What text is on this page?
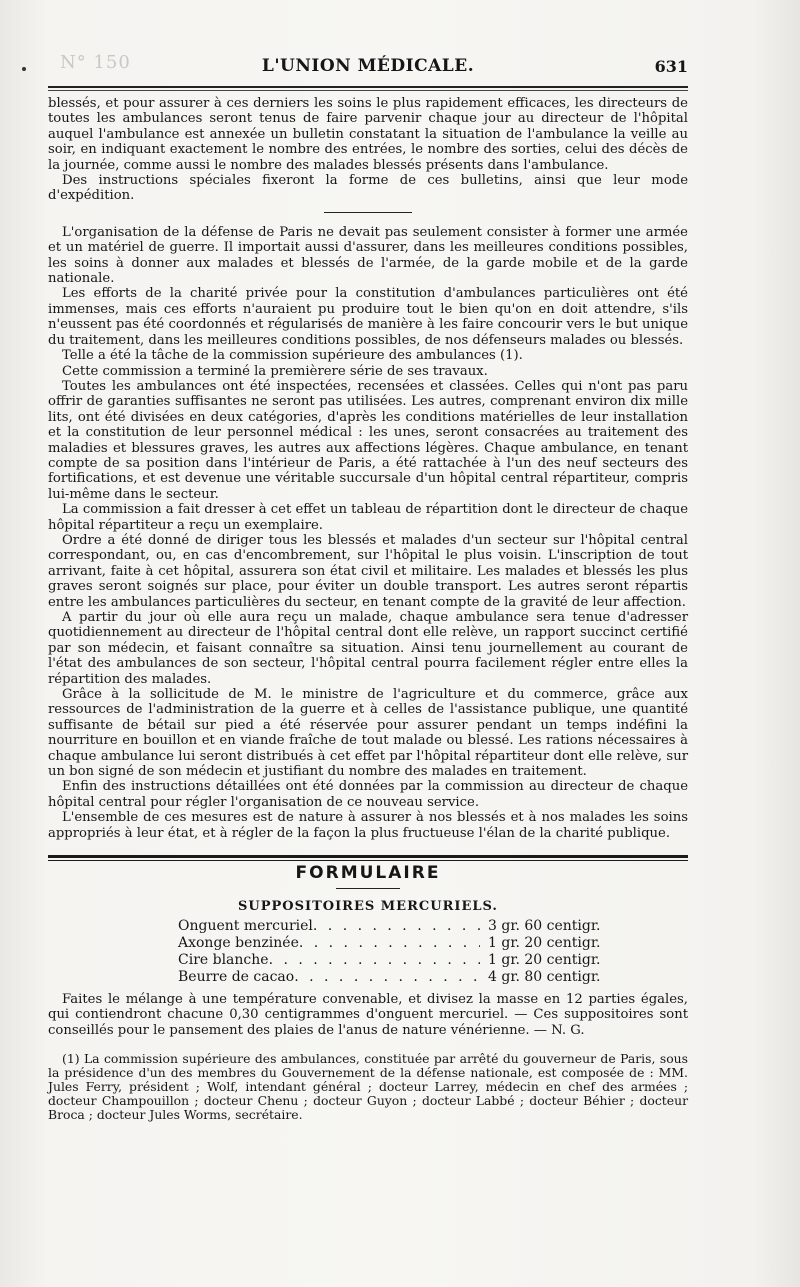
N° 150	L'UNION MÉDICALE.	631

blessés, et pour assurer à ces derniers les soins le plus rapidement efficaces, les directeurs de toutes les ambulances seront tenus de faire parvenir chaque jour au directeur de l'hôpital auquel l'ambulance est annexée un bulletin constatant la situation de l'ambulance la veille au soir, en indiquant exactement le nombre des entrées, le nombre des sorties, celui des décès de la journée, comme aussi le nombre des malades blessés présents dans l'ambulance.

Des instructions spéciales fixeront la forme de ces bulletins, ainsi que leur mode d'expédition.

L'organisation de la défense de Paris ne devait pas seulement consister à former une armée et un matériel de guerre. Il importait aussi d'assurer, dans les meilleures conditions possibles, les soins à donner aux malades et blessés de l'armée, de la garde mobile et de la garde nationale.

Les efforts de la charité privée pour la constitution d'ambulances particulières ont été immenses, mais ces efforts n'auraient pu produire tout le bien qu'on en doit attendre, s'ils n'eussent pas été coordonnés et régularisés de manière à les faire concourir vers le but unique du traitement, dans les meilleures conditions possibles, de nos défenseurs malades ou blessés.

Telle a été la tâche de la commission supérieure des ambulances (1).

Cette commission a terminé la premièrere série de ses travaux.

Toutes les ambulances ont été inspectées, recensées et classées. Celles qui n'ont pas paru offrir de garanties suffisantes ne seront pas utilisées. Les autres, comprenant environ dix mille lits, ont été divisées en deux catégories, d'après les conditions matérielles de leur installation et la constitution de leur personnel médical : les unes, seront consacrées au traitement des maladies et blessures graves, les autres aux affections légères. Chaque ambulance, en tenant compte de sa position dans l'intérieur de Paris, a été rattachée à l'un des neuf secteurs des fortifications, et est devenue une véritable succursale d'un hôpital central répartiteur, compris lui-même dans le secteur.

La commission a fait dresser à cet effet un tableau de répartition dont le directeur de chaque hôpital répartiteur a reçu un exemplaire.

Ordre a été donné de diriger tous les blessés et malades d'un secteur sur l'hôpital central correspondant, ou, en cas d'encombrement, sur l'hôpital le plus voisin. L'inscription de tout arrivant, faite à cet hôpital, assurera son état civil et militaire. Les malades et blessés les plus graves seront soignés sur place, pour éviter un double transport. Les autres seront répartis entre les ambulances particulières du secteur, en tenant compte de la gravité de leur affection.

A partir du jour où elle aura reçu un malade, chaque ambulance sera tenue d'adresser quotidiennement au directeur de l'hôpital central dont elle relève, un rapport succinct certifié par son médecin, et faisant connaître sa situation. Ainsi tenu journellement au courant de l'état des ambulances de son secteur, l'hôpital central pourra facilement régler entre elles la répartition des malades.

Grâce à la sollicitude de M. le ministre de l'agriculture et du commerce, grâce aux ressources de l'administration de la guerre et à celles de l'assistance publique, une quantité suffisante de bétail sur pied a été réservée pour assurer pendant un temps indéfini la nourriture en bouillon et en viande fraîche de tout malade ou blessé. Les rations nécessaires à chaque ambulance lui seront distribués à cet effet par l'hôpital répartiteur dont elle relève, sur un bon signé de son médecin et justifiant du nombre des malades en traitement.

Enfin des instructions détaillées ont été données par la commission au directeur de chaque hôpital central pour régler l'organisation de ce nouveau service.

L'ensemble de ces mesures est de nature à assurer à nos blessés et à nos malades les soins appropriés à leur état, et à régler de la façon la plus fructueuse l'élan de la charité publique.

FORMULAIRE
SUPPOSITOIRES MERCURIELS.
Onguent mercuriel . . .	3 gr. 60 centigr.
Axonge benzinée . . .	1 gr. 20 centigr.
Cire blanche . . .	1 gr. 20 centigr.
Beurre de cacao . . .	4 gr. 80 centigr.

Faites le mélange à une température convenable, et divisez la masse en 12 parties égales, qui contiendront chacune 0,30 centigrammes d'onguent mercuriel. — Ces suppositoires sont conseillés pour le pansement des plaies de l'anus de nature vénérienne. — N. G.

(1) La commission supérieure des ambulances, constituée par arrêté du gouverneur de Paris, sous la présidence d'un des membres du Gouvernement de la défense nationale, est composée de : MM. Jules Ferry, président ; Wolf, intendant général ; docteur Larrey, médecin en chef des armées ; docteur Champouillon ; docteur Chenu ; docteur Guyon ; docteur Labbé ; docteur Béhier ; docteur Broca ; docteur Jules Worms, secrétaire.
